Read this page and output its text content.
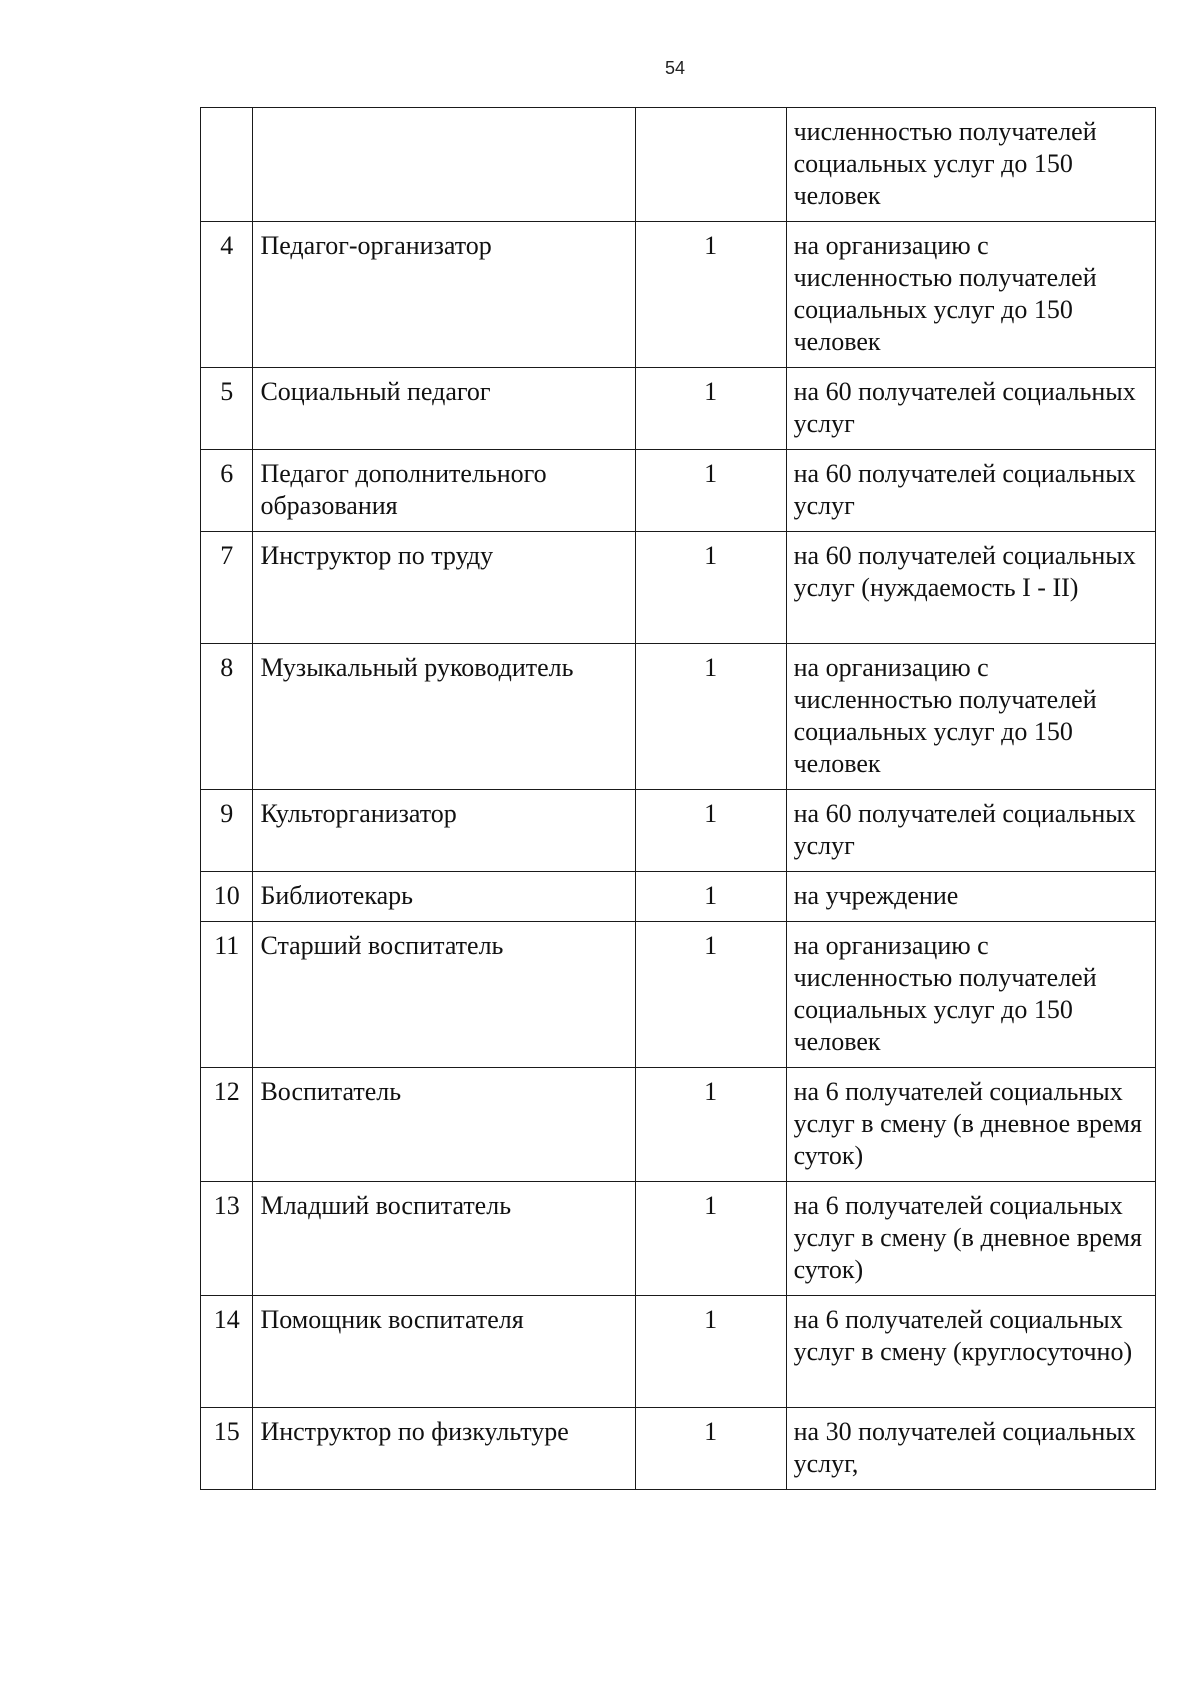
54
			численностью получателей социальных услуг до 150 человек
4	Педагог-организатор	1	на организацию с численностью получателей социальных услуг до 150 человек
5	Социальный педагог	1	на 60 получателей социальных услуг
6	Педагог дополнительного образования	1	на 60 получателей социальных услуг
7	Инструктор по труду	1	на 60 получателей социальных услуг (нуждаемость I - II)
8	Музыкальный руководитель	1	на организацию с численностью получателей социальных услуг до 150 человек
9	Культорганизатор	1	на 60 получателей социальных услуг
10	Библиотекарь	1	на учреждение
11	Старший воспитатель	1	на организацию с численностью получателей социальных услуг до 150 человек
12	Воспитатель	1	на 6 получателей социальных услуг в смену (в дневное время суток)
13	Младший воспитатель	1	на 6 получателей социальных услуг в смену (в дневное время суток)
14	Помощник воспитателя	1	на 6 получателей социальных услуг в смену (круглосуточно)
15	Инструктор по физкультуре	1	на 30 получателей социальных услуг,
